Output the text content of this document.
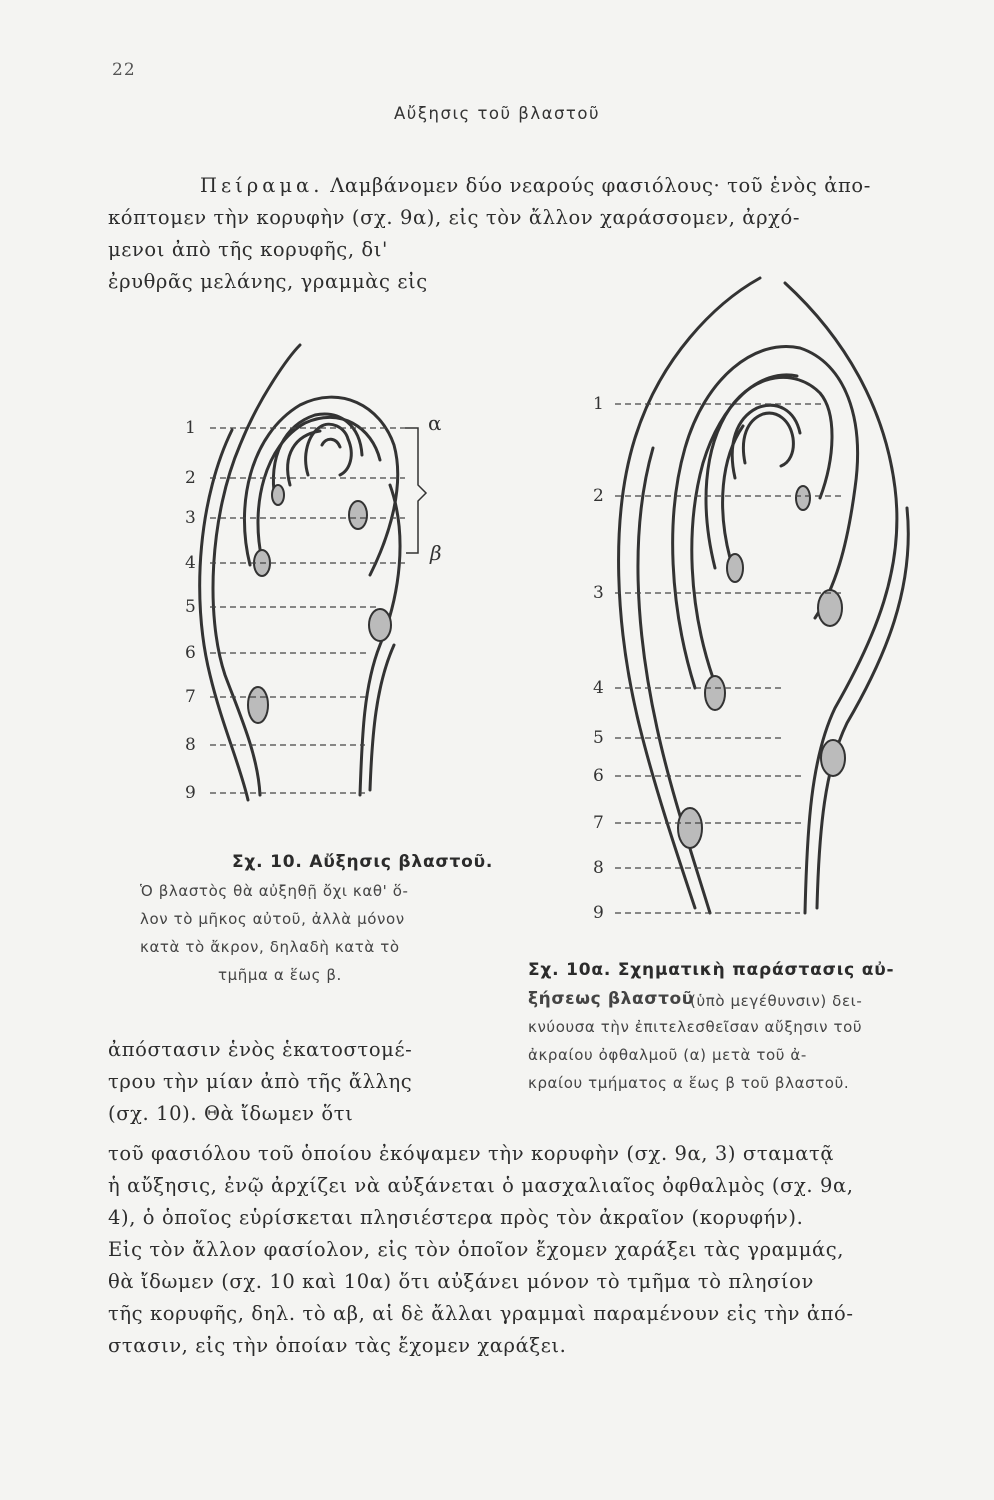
22
Αὔξησις τοῦ βλαστοῦ
Πείραμα. Λαμβάνομεν δύο νεαρούς φασιόλους· τοῦ ἑνὸς ἀπο-
κόπτομεν τὴν κορυφὴν (σχ. 9α), εἰς τὸν ἄλλον χαράσσομεν, ἀρχό-
μενοι ἀπὸ τῆς κορυφῆς, δι'
ἐρυθρᾶς μελάνης, γραμμὰς εἰς
1
2
3
4
5
6
7
8
9
α
β
Σχ. 10. Αὔξησις βλαστοῦ.
Ὁ βλαστὸς θὰ αὐξηθῇ ὄχι καθ' ὅ-
λον τὸ μῆκος αὐτοῦ, ἀλλὰ μόνον
κατὰ τὸ ἄκρον, δηλαδὴ κατὰ τὸ
τμῆμα α ἕως β.
1
2
3
4
5
6
7
8
9
Σχ. 10α. Σχηματικὴ παράστασις αὐ-
ξήσεως βλαστοῦ
(ὑπὸ μεγέθυνσιν) δει-
κνύουσα τὴν ἐπιτελεσθεῖσαν αὔξησιν τοῦ
ἀκραίου ὀφθαλμοῦ (α) μετὰ τοῦ ἀ-
κραίου τμήματος α ἕως β τοῦ βλαστοῦ.
ἀπόστασιν ἑνὸς ἑκατοστομέ-
τρου τὴν μίαν ἀπὸ τῆς ἄλλης
(σχ. 10). Θὰ ἴδωμεν ὅτι
τοῦ φασιόλου τοῦ ὁποίου ἐκόψαμεν τὴν κορυφὴν (σχ. 9α, 3) σταματᾷ
ἡ αὔξησις, ἐνῷ ἀρχίζει νὰ αὐξάνεται ὁ μασχαλιαῖος ὀφθαλμὸς (σχ. 9α,
4), ὁ ὁποῖος εὑρίσκεται πλησιέστερα πρὸς τὸν ἀκραῖον (κορυφήν).
Εἰς τὸν ἄλλον φασίολον, εἰς τὸν ὁποῖον ἔχομεν χαράξει τὰς γραμμάς,
θὰ ἴδωμεν (σχ. 10 καὶ 10α) ὅτι αὐξάνει μόνον τὸ τμῆμα τὸ πλησίον
τῆς κορυφῆς, δηλ. τὸ αβ, αἱ δὲ ἄλλαι γραμμαὶ παραμένουν εἰς τὴν ἀπό-
στασιν, εἰς τὴν ὁποίαν τὰς ἔχομεν χαράξει.
